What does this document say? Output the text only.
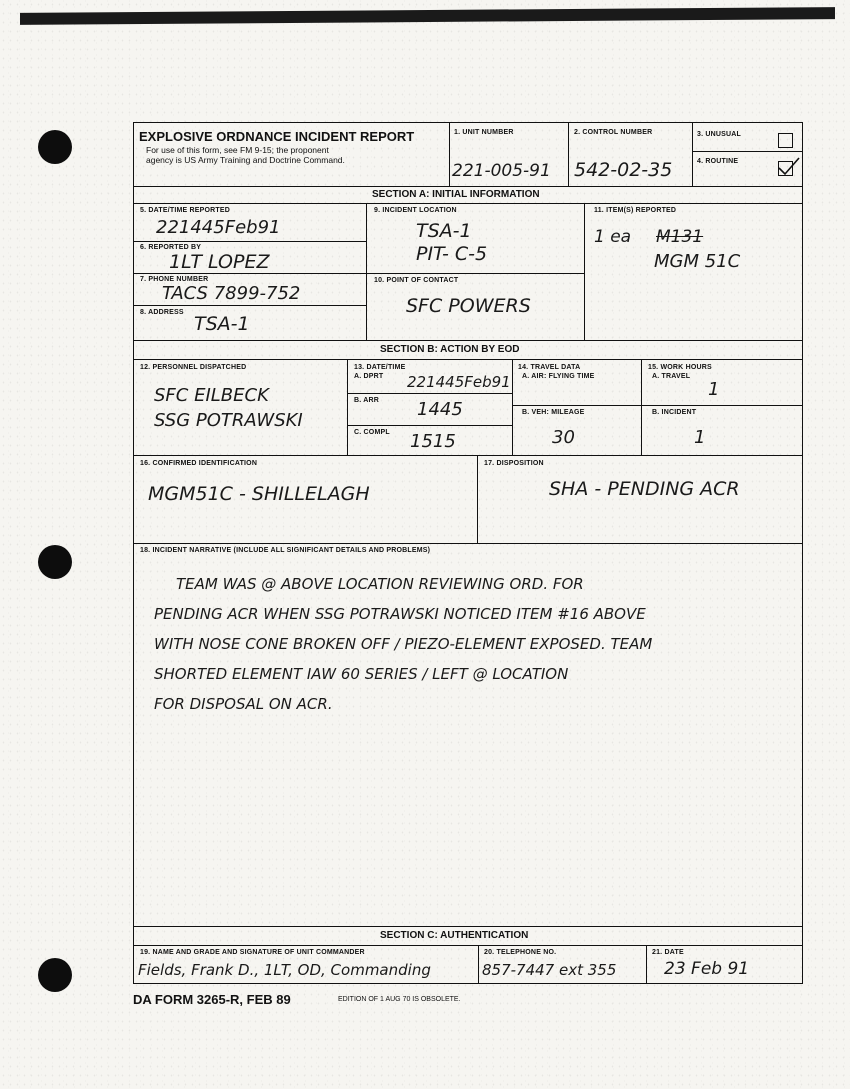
EXPLOSIVE ORDNANCE INCIDENT REPORT
For use of this form, see FM 9-15; the proponent
agency is US Army Training and Doctrine Command.
1. UNIT NUMBER
221-005-91
2. CONTROL NUMBER
542-02-35
3. UNUSUAL
4. ROUTINE
SECTION A: INITIAL INFORMATION
5. DATE/TIME REPORTED
221445Feb91
6. REPORTED BY
1LT LOPEZ
7. PHONE NUMBER
TACS 7899-752
8. ADDRESS
TSA-1
9. INCIDENT LOCATION
TSA-1
PIT- C-5
10. POINT OF CONTACT
SFC POWERS
11. ITEM(S) REPORTED
1 ea M131
MGM 51C
SECTION B: ACTION BY EOD
12. PERSONNEL DISPATCHED
SFC EILBECK
SSG POTRAWSKI
13. DATE/TIME
A. DPRT 221445Feb91
B. ARR 1445
C. COMPL 1515
14. TRAVEL DATA
A. AIR: FLYING TIME
B. VEH: MILEAGE
30
15. WORK HOURS
A. TRAVEL
1
B. INCIDENT
1
16. CONFIRMED IDENTIFICATION
MGM51C - SHILLELAGH
17. DISPOSITION
SHA - PENDING ACR
18. INCIDENT NARRATIVE (INCLUDE ALL SIGNIFICANT DETAILS AND PROBLEMS)
TEAM WAS @ ABOVE LOCATION REVIEWING ORD. FOR
PENDING ACR WHEN SSG POTRAWSKI NOTICED ITEM #16 ABOVE
WITH NOSE CONE BROKEN OFF / PIEZO-ELEMENT EXPOSED. TEAM
SHORTED ELEMENT IAW 60 SERIES / LEFT @ LOCATION
FOR DISPOSAL ON ACR.
SECTION C: AUTHENTICATION
19. NAME AND GRADE AND SIGNATURE OF UNIT COMMANDER
Fields, Frank D., 1LT, OD, Commanding
20. TELEPHONE NO.
857-7447 ext 355
21. DATE
23 Feb 91
DA FORM 3265-R, FEB 89	EDITION OF 1 AUG 70 IS OBSOLETE.
